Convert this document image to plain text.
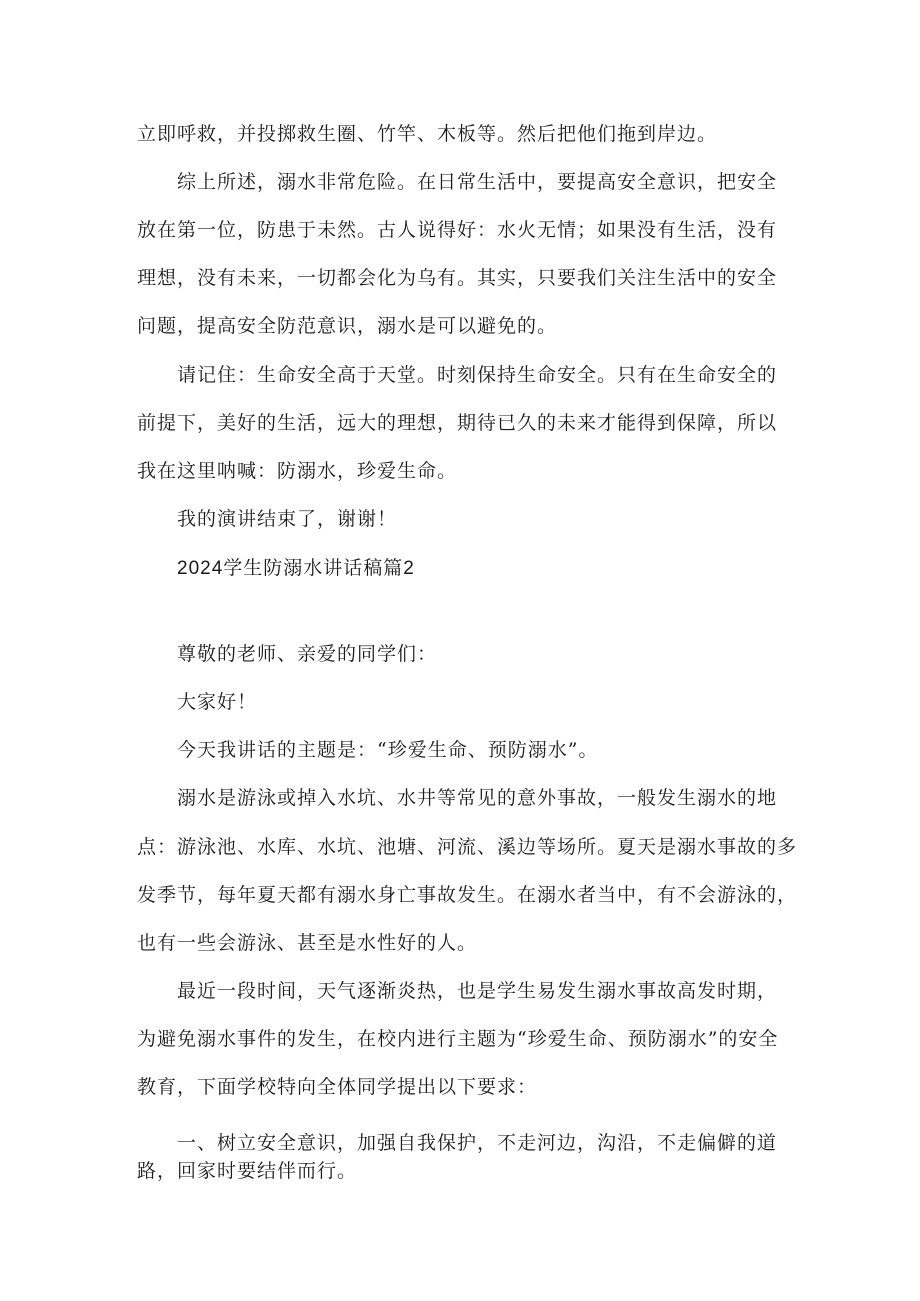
立即呼救，并投掷救生圈、竹竿、木板等。然后把他们拖到岸边。
综上所述，溺水非常危险。在日常生活中，要提高安全意识，把安全
放在第一位，防患于未然。古人说得好：水火无情；如果没有生活，没有
理想，没有未来，一切都会化为乌有。其实，只要我们关注生活中的安全
问题，提高安全防范意识，溺水是可以避免的。
请记住：生命安全高于天堂。时刻保持生命安全。只有在生命安全的
前提下，美好的生活，远大的理想，期待已久的未来才能得到保障，所以
我在这里呐喊：防溺水，珍爱生命。
我的演讲结束了，谢谢！
2024学生防溺水讲话稿篇2
尊敬的老师、亲爱的同学们：
大家好！
今天我讲话的主题是：“珍爱生命、预防溺水”。
溺水是游泳或掉入水坑、水井等常见的意外事故，一般发生溺水的地
点：游泳池、水库、水坑、池塘、河流、溪边等场所。夏天是溺水事故的多
发季节，每年夏天都有溺水身亡事故发生。在溺水者当中，有不会游泳的，
也有一些会游泳、甚至是水性好的人。
最近一段时间，天气逐渐炎热，也是学生易发生溺水事故高发时期，
为避免溺水事件的发生，在校内进行主题为“珍爱生命、预防溺水”的安全
教育，下面学校特向全体同学提出以下要求：
一、树立安全意识，加强自我保护，不走河边，沟沿，不走偏僻的道
路，回家时要结伴而行。
